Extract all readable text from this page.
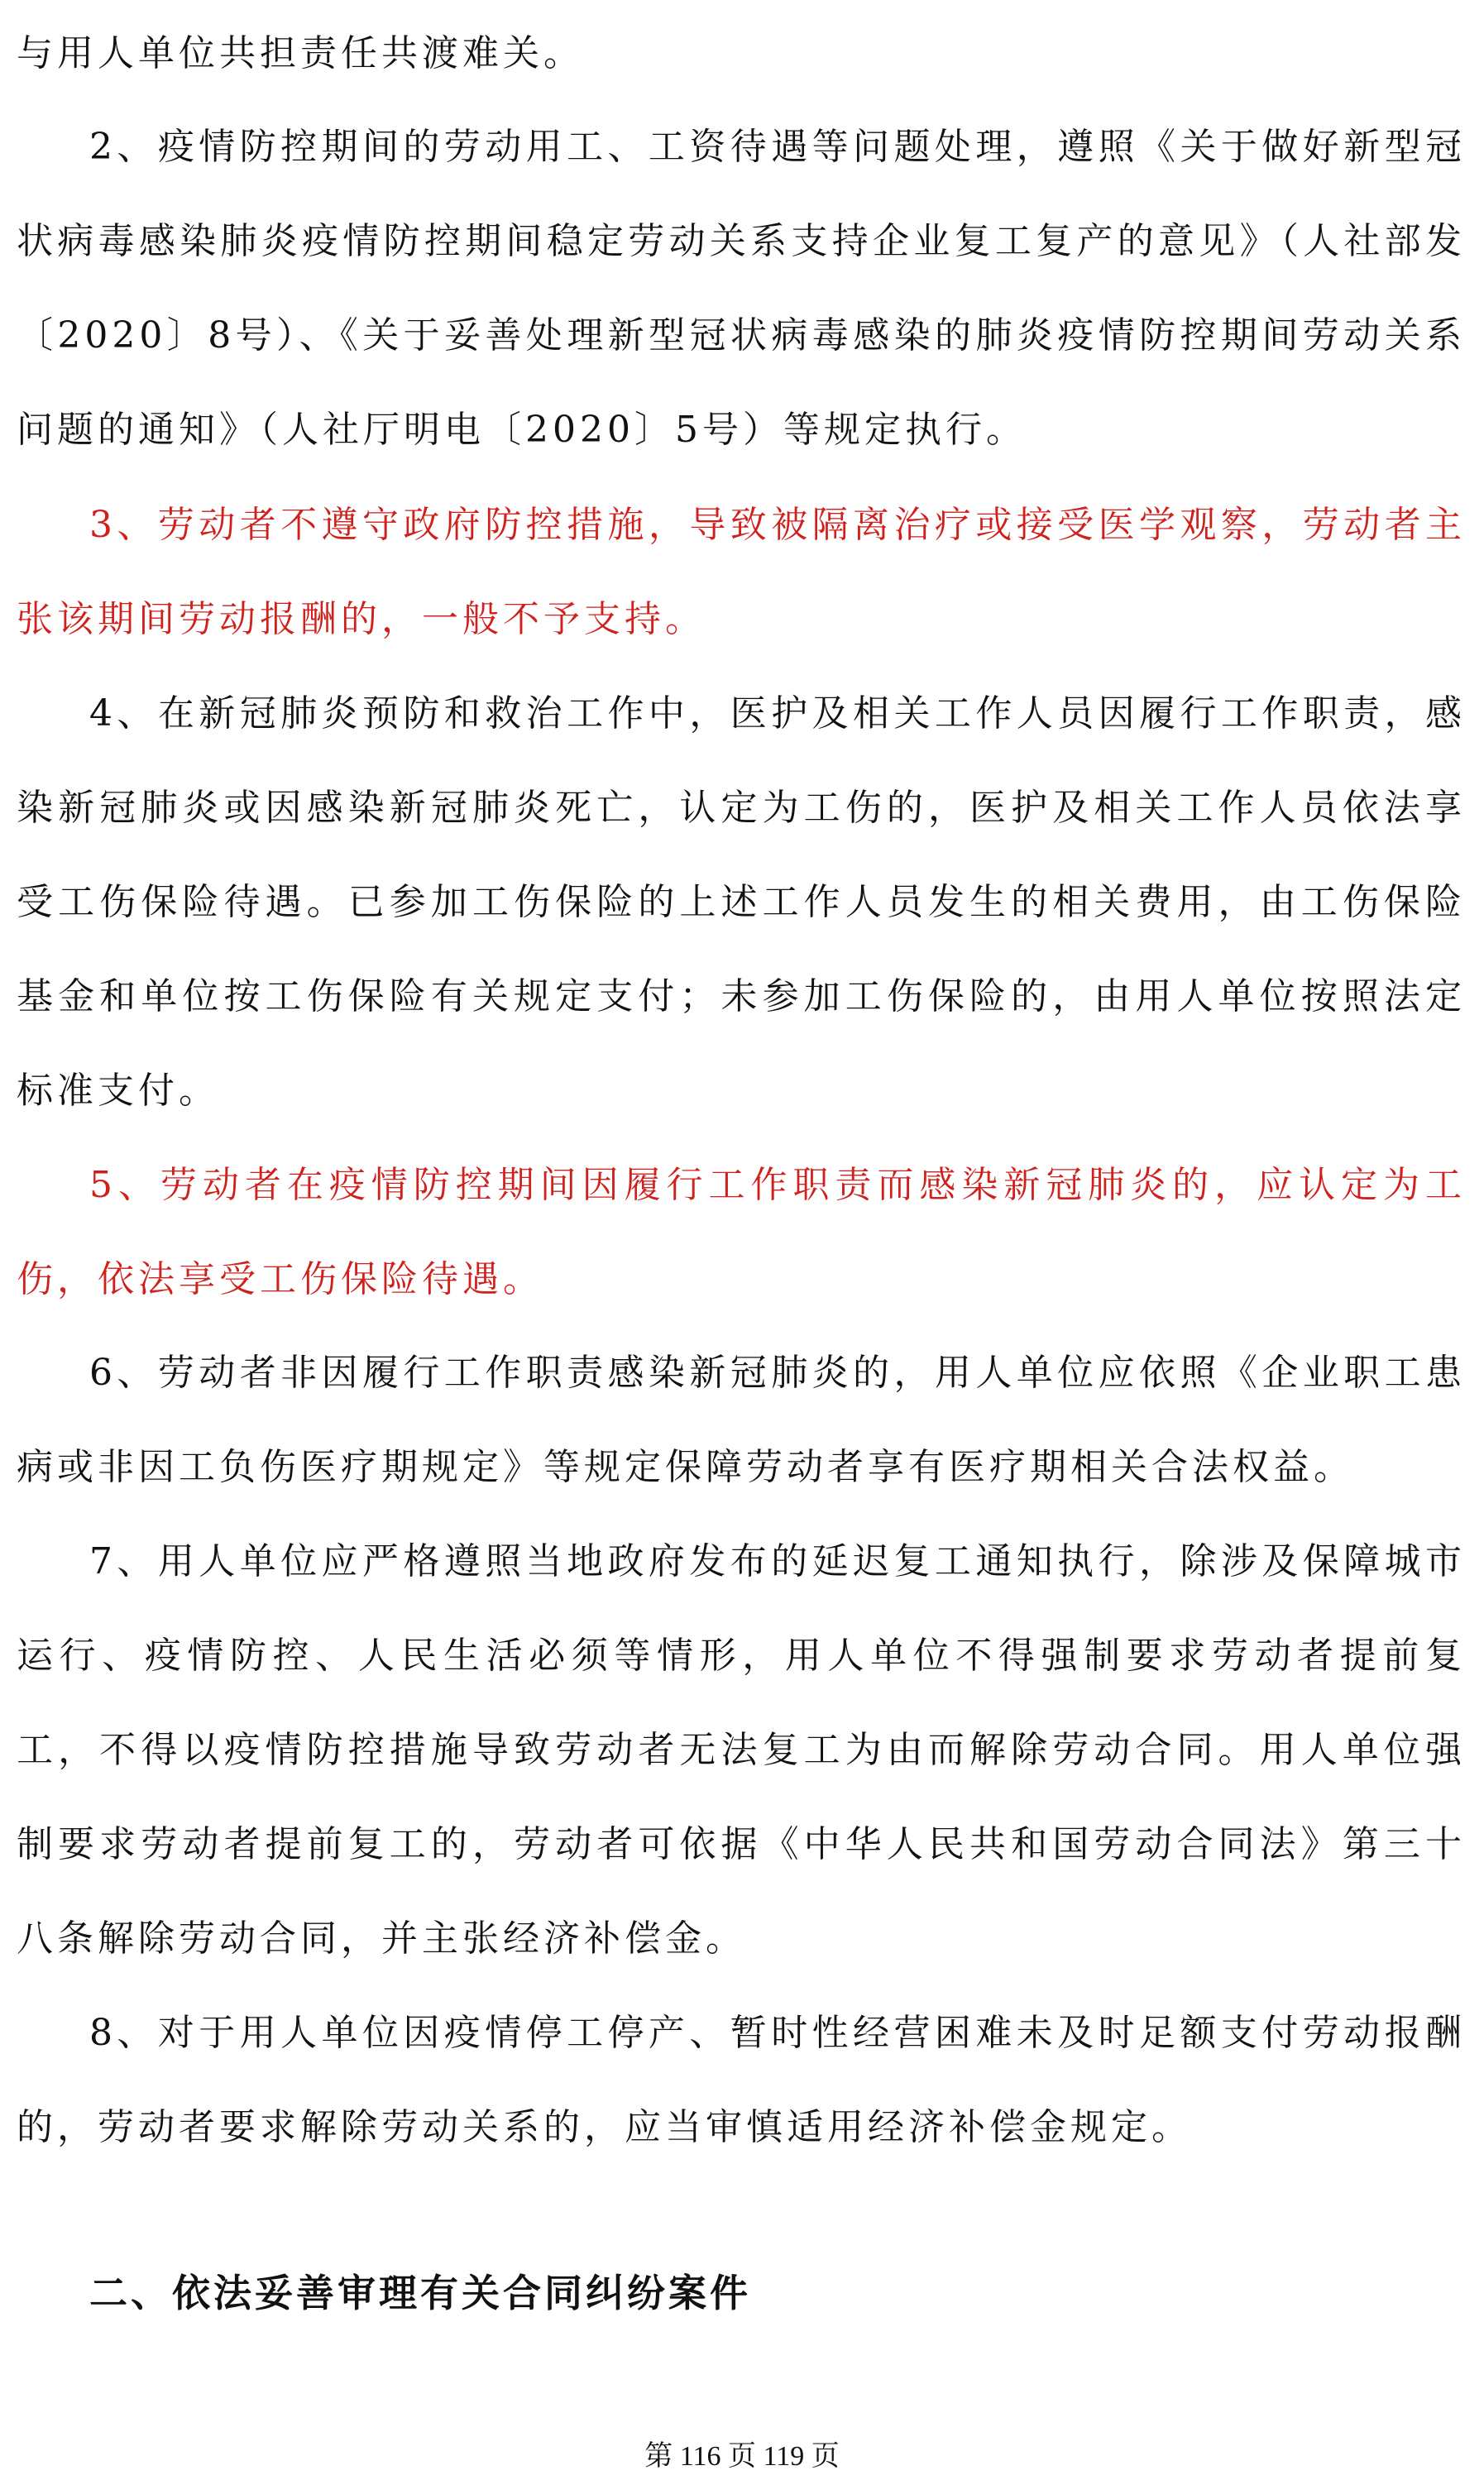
与用人单位共担责任共渡难关。

2、疫情防控期间的劳动用工、工资待遇等问题处理，遵照《关于做好新型冠状病毒感染肺炎疫情防控期间稳定劳动关系支持企业复工复产的意见》（人社部发〔2020〕8号）、《关于妥善处理新型冠状病毒感染的肺炎疫情防控期间劳动关系问题的通知》（人社厅明电〔2020〕5号）等规定执行。

3、劳动者不遵守政府防控措施，导致被隔离治疗或接受医学观察，劳动者主张该期间劳动报酬的，一般不予支持。

4、在新冠肺炎预防和救治工作中，医护及相关工作人员因履行工作职责，感染新冠肺炎或因感染新冠肺炎死亡，认定为工伤的，医护及相关工作人员依法享受工伤保险待遇。已参加工伤保险的上述工作人员发生的相关费用，由工伤保险基金和单位按工伤保险有关规定支付；未参加工伤保险的，由用人单位按照法定标准支付。

5、劳动者在疫情防控期间因履行工作职责而感染新冠肺炎的，应认定为工伤，依法享受工伤保险待遇。

6、劳动者非因履行工作职责感染新冠肺炎的，用人单位应依照《企业职工患病或非因工负伤医疗期规定》等规定保障劳动者享有医疗期相关合法权益。

7、用人单位应严格遵照当地政府发布的延迟复工通知执行，除涉及保障城市运行、疫情防控、人民生活必须等情形，用人单位不得强制要求劳动者提前复工，不得以疫情防控措施导致劳动者无法复工为由而解除劳动合同。用人单位强制要求劳动者提前复工的，劳动者可依据《中华人民共和国劳动合同法》第三十八条解除劳动合同，并主张经济补偿金。

8、对于用人单位因疫情停工停产、暂时性经营困难未及时足额支付劳动报酬的，劳动者要求解除劳动关系的，应当审慎适用经济补偿金规定。

二、依法妥善审理有关合同纠纷案件
第 116 页 119 页
